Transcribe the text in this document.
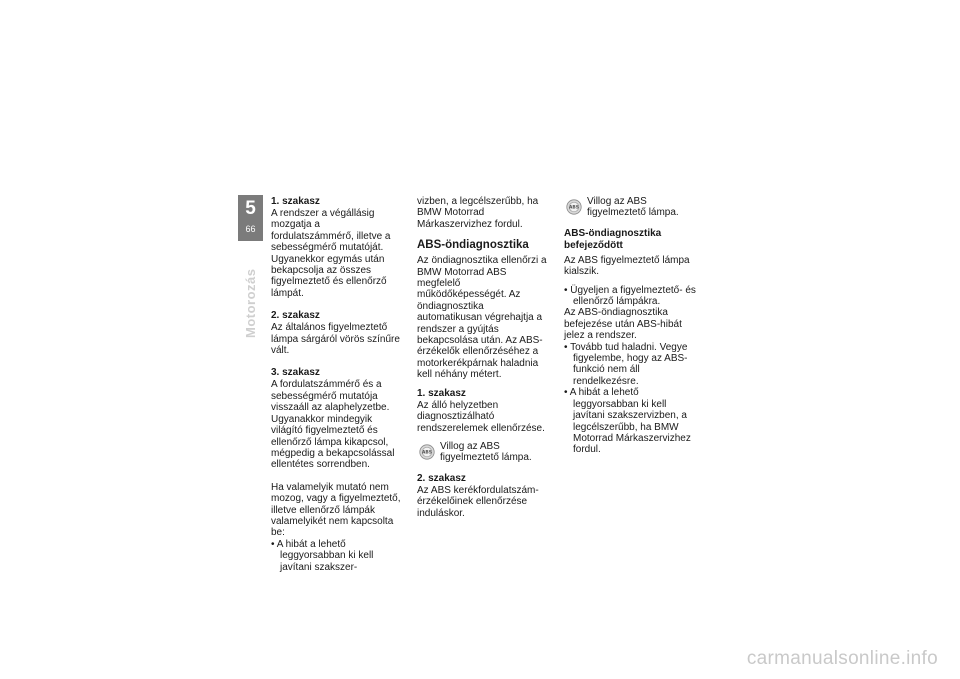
5
66
Motorozás
1. szakasz

A rendszer a végállásig mozgatja a fordulatszámmérő, illetve a sebességmérő mutatóját. Ugyanekkor egymás után bekapcsolja az összes figyelmeztető és ellenőrző lámpát.

2. szakasz

Az általános figyelmeztető lámpa sárgáról vörös színűre vált.

3. szakasz

A fordulatszámmérő és a sebességmérő mutatója visszaáll az alaphelyzetbe. Ugyanakkor mindegyik világító figyelmeztető és ellenőrző lámpa kikapcsol, mégpedig a bekapcsolással ellentétes sorrendben.

Ha valamelyik mutató nem mozog, vagy a figyelmeztető, illetve ellenőrző lámpák valamelyikét nem kapcsolta be:

• A hibát a lehető leggyorsabban ki kell javítani szakszer-

vizben, a legcélszerűbb, ha BMW Motorrad Márkaszervizhez fordul.

ABS-öndiagnosztika

Az öndiagnosztika ellenőrzi a BMW Motorrad ABS megfelelő működőképességét. Az öndiagnosztika automatikusan végrehajtja a rendszer a gyújtás bekapcsolása után. Az ABS-érzékelők ellenőrzéséhez a motorkerékpárnak haladnia kell néhány métert.

1. szakasz

Az álló helyzetben diagnosztizálható rendszerelemek ellenőrzése.

ABS

Villog az ABS figyelmeztető lámpa.

2. szakasz

Az ABS kerékfordulatszám-érzékelőinek ellenőrzése induláskor.

ABS

Villog az ABS figyelmeztető lámpa.

ABS-öndiagnosztika befejeződött

Az ABS figyelmeztető lámpa kialszik.

• Ügyeljen a figyelmeztető- és ellenőrző lámpákra.

Az ABS-öndiagnosztika befejezése után ABS-hibát jelez a rendszer.

• Tovább tud haladni. Vegye figyelembe, hogy az ABS-funkció nem áll rendelkezésre.

• A hibát a lehető leggyorsabban ki kell javítani szakszervizben, a legcélszerűbb, ha BMW Motorrad Márkaszervizhez fordul.

carmanualsonline.info
